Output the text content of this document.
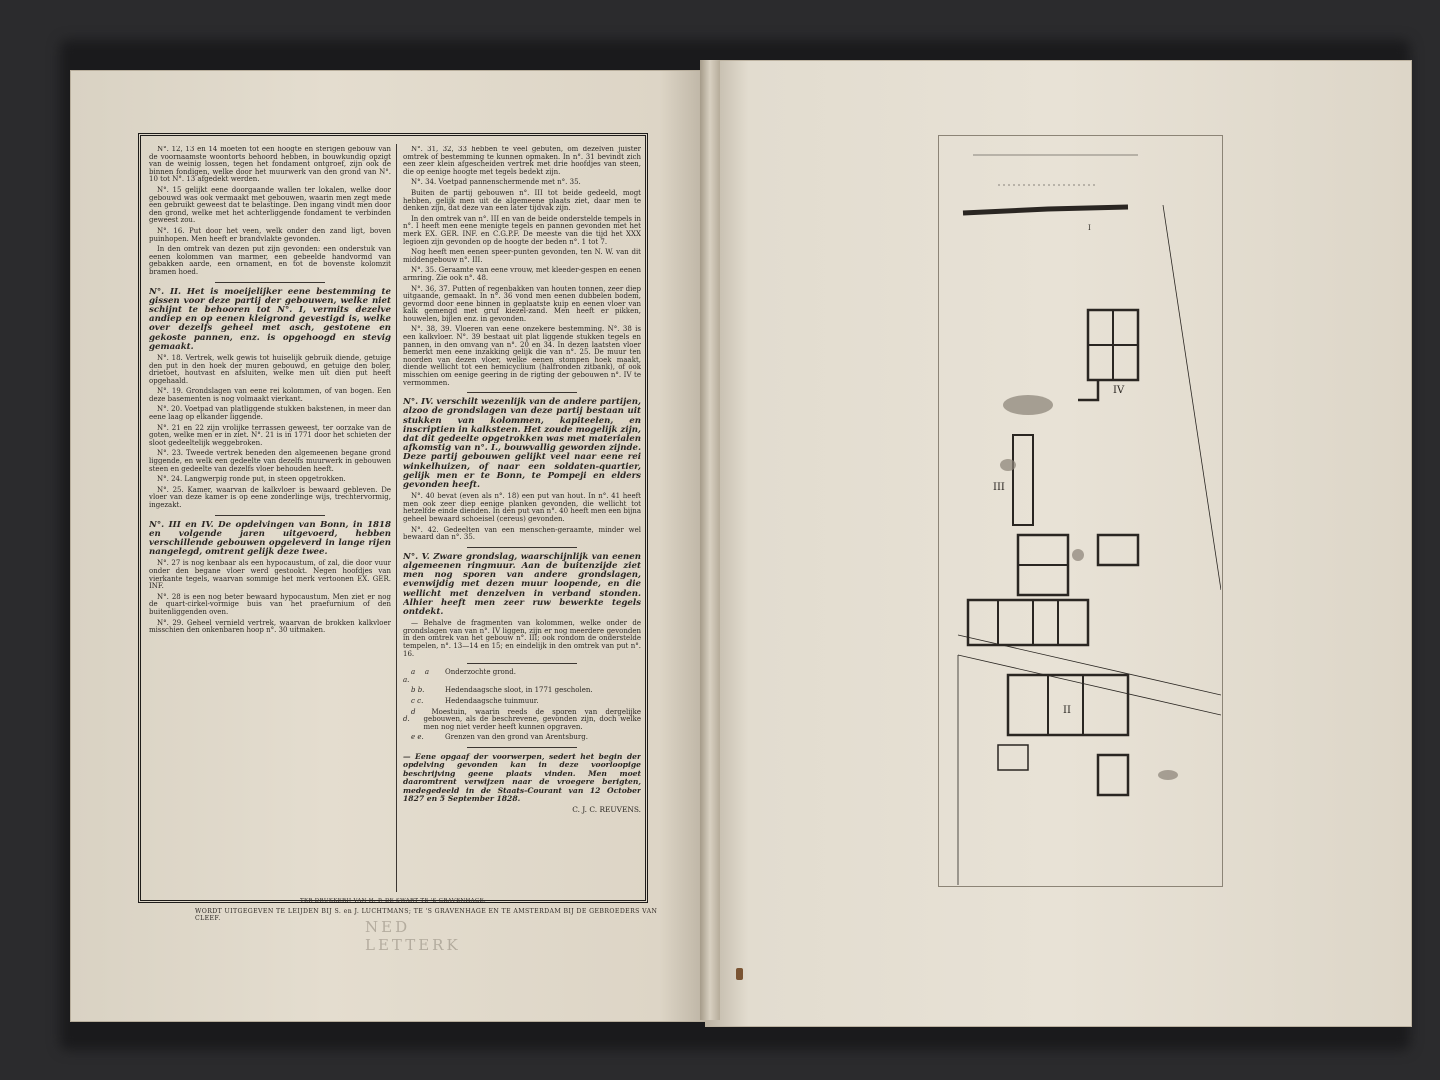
N°. 12, 13 en 14 moeten tot een hoogte en sterigen gebouw van de voornaamste woontorts behoord hebben, in bouwkundig opzigt van de weinig lossen, tegen het fondament ontgroef, zijn ook de binnen fondigen, welke door het muurwerk van den grond van N°. 10 tot N°. 13 afgedekt werden.

N°. 15 gelijkt eene doorgaande wallen ter lokalen, welke door gebouwd was ook vermaakt met gebouwen, waarin men zegt mede een gebruikt geweest dat te belastinge. Den ingang vindt men door den grond, welke met het achterliggende fondament te verbinden geweest zou.

N°. 16. Put door het veen, welk onder den zand ligt, boven puinhopen. Men heeft er brandvlakte gevonden.

In den omtrek van dezen put zijn gevonden: een onderstuk van eenen kolommen van marmer, een gebeelde handvormd van gebakken aarde, een ornament, en tot de bovenste kolomzit bramen hoed.

N°. II. Het is moeijelijker eene bestemming te gissen voor deze partij der gebouwen, welke niet schijnt te behooren tot N°. I, vermits dezelve andiep en op eenen kleigrond gevestigd is, welke over dezelfs geheel met asch, gestotene en gekoste pannen, enz. is opgehoogd en stevig gemaakt.

N°. 18. Vertrek, welk gewis tot huiselijk gebruik diende, getuige den put in den hoek der muren gebouwd, en getuige den boler, drietoet, houtvast en afsluiten, welke men uit dien put heeft opgehaald.

N°. 19. Grondslagen van eene rei kolommen, of van bogen. Een deze basementen is nog volmaakt vierkant.

N°. 20. Voetpad van platliggende stukken bakstenen, in meer dan eene laag op elkander liggende.

N°. 21 en 22 zijn vrolijke terrassen geweest, ter oorzake van de goten, welke men er in ziet. N°. 21 is in 1771 door het schieten der sloot gedeeltelijk weggebroken.

N°. 23. Tweede vertrek beneden den algemeenen begane grond liggende, en welk een gedeelte van dezelfs muurwerk in gebouwen steen en gedeelte van dezelfs vloer behouden heeft.

N°. 24. Langwerpig ronde put, in steen opgetrokken.

N°. 25. Kamer, waarvan de kalkvloer is bewaard gebleven. De vloer van deze kamer is op eene zonderlinge wijs, trechtervormig, ingezakt.

N°. III en IV. De opdelvingen van Bonn, in 1818 en volgende jaren uitgevoerd, hebben verschillende gebouwen opgeleverd in lange rijen nangelegd, omtrent gelijk deze twee.

N°. 27 is nog kenbaar als een hypocaustum, of zal, die door vuur onder den begane vloer werd gestookt. Negen hoofdjes van vierkante tegels, waarvan sommige het merk vertoonen EX. GER. INF.

N°. 28 is een nog beter bewaard hypocaustum. Men ziet er nog de quart-cirkel-vormige buis van het praefurnium of den buitenliggenden oven.

N°. 29. Geheel vernield vertrek, waarvan de brokken kalkvloer misschien den onkenbaren hoop n°. 30 uitmaken.

N°. 31, 32, 33 hebben te veel gebuten, om dezelven juister omtrek of bestemming te kunnen opmaken. In n°. 31 bevindt zich een zeer klein afgescheiden vertrek met drie hoofdjes van steen, die op eenige hoogte met tegels bedekt zijn.

N°. 34. Voetpad pannenschermende met n°. 35.

Buiten de partij gebouwen n°. III tot beide gedeeld, mogt hebben, gelijk men uit de algemeene plaats ziet, daar men te denken zijn, dat deze van een later tijdvak zijn.

In den omtrek van n°. III en van de beide onderstelde tempels in n°. I heeft men eene menigte tegels en pannen gevonden met het merk EX. GER. INF. en C.G.P.F. De meeste van die tijd het XXX legioen zijn gevonden op de hoogte der beden n°. 1 tot 7.

Nog heeft men eenen speer-punten gevonden, ten N. W. van dit middengebouw n°. III.

N°. 35. Geraamte van eene vrouw, met kleeder-gespen en eenen armring. Zie ook n°. 48.

N°. 36, 37. Putten of regenbakken van houten tonnen, zeer diep uitgaande, gemaakt. In n°. 36 vond men eenen dubbelen bodem, gevormd door eene binnen in geplaatste kuip en eenen vloer van kalk gemengd met gruf kiezel-zand. Men heeft er pikken, houwelen, bijlen enz. in gevonden.

N°. 38, 39. Vloeren van eene onzekere bestemming. N°. 38 is een kalkvloer. N°. 39 bestaat uit plat liggende stukken tegels en pannen, in den omvang van n°. 20 en 34. In dezen laatsten vloer bemerkt men eene inzakking gelijk die van n°. 25. De muur ten noorden van dezen vloer, welke eenen stompen hoek maakt, diende wellicht tot een hemicyclium (halfronden zitbank), of ook misschien om eenige geering in de rigting der gebouwen n°. IV te vermommen.

N°. IV. verschilt wezenlijk van de andere partijen, alzoo de grondslagen van deze partij bestaan uit stukken van kolommen, kapiteelen, en inscriptien in kalksteen. Het zoude mogelijk zijn, dat dit gedeelte opgetrokken was met materialen afkomstig van n°. I., bouwvallig geworden zijnde. Deze partij gebouwen gelijkt veel naar eene rei winkelhuizen, of naar een soldaten-quartier, gelijk men er te Bonn, te Pompeji en elders gevonden heeft.

N°. 40 bevat (even als n°. 18) een put van hout. In n°. 41 heeft men ook zeer diep eenige planken gevonden, die wellicht tot hetzelfde einde dienden. In den put van n°. 40 heeft men een bijna geheel bewaard schoeisel (cereus) gevonden.

N°. 42. Gedeelten van een menschen-geraamte, minder wel bewaard dan n°. 35.

N°. V. Zware grondslag, waarschijnlijk van eenen algemeenen ringmuur. Aan de buitenzijde ziet men nog sporen van andere grondslagen, evenwijdig met dezen muur loopende, en die wellicht met denzelven in verband stonden. Alhier heeft men zeer ruw bewerkte tegels ontdekt.

— Behalve de fragmenten van kolommen, welke onder de grondslagen van van n°. IV liggen, zijn er nog meerdere gevonden in den omtrek van het gebouw n°. III; ook rondom de onderstelde tempelen, n°. 13—14 en 15; en eindelijk in den omtrek van put n°. 16.

a a a.
Onderzochte grond.

b b.	Hedendaagsche sloot, in 1771 gescholen.

c c.	Hedendaagsche tuinmuur.

d d.
Moestuin, waarin reeds de sporen van dergelijke gebouwen, als de beschrevene, gevonden zijn, doch welke men nog niet verder heeft kunnen opgraven.

e e.	Grenzen van den grond van Arentsburg.

— Eene opgaaf der voorwerpen, sedert het begin der opdelving gevonden kan in deze voorloopige beschrijving geene plaats vinden. Men moet daaromtrent verwijzen naar de vroegere berigten, medegedeeld in de Staats-Courant van 12 October 1827 en 5 September 1828.

C. J. C. REUVENS.

TER DRUKKERIJ VAN H. P. DE SWART TE 'S GRAVENHAGE.
WORDT UITGEGEVEN TE LEIJDEN BIJ S. en J. LUCHTMANS; TE 'S GRAVENHAGE EN TE AMSTERDAM BIJ DE GEBROEDERS VAN CLEEF.	NED
LETTERK
IV
III
II
I
